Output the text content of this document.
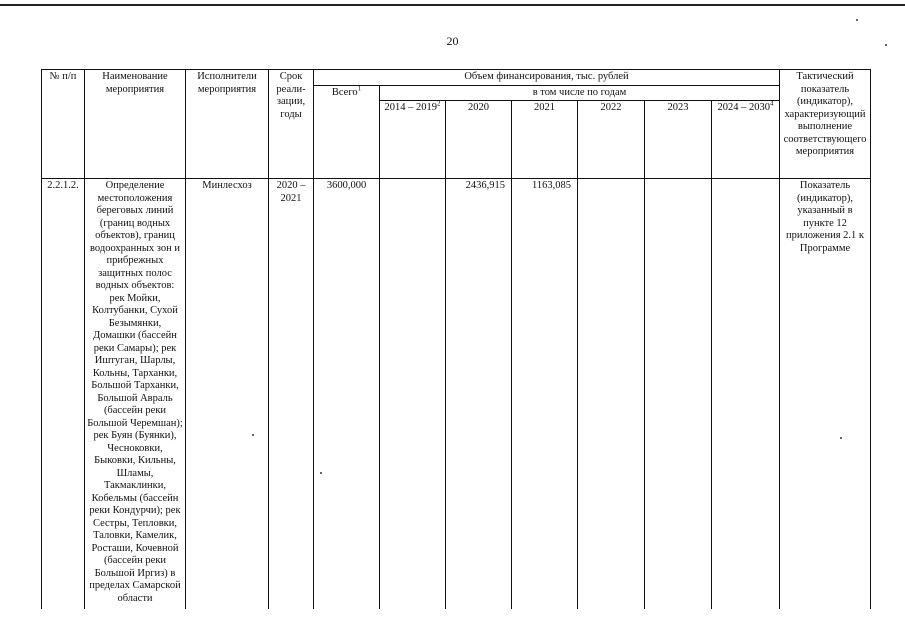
20
№ п/п	Наименование мероприятия	Исполнители мероприятия	Срок реали-зации, годы	Объем финансирования, тыс. рублей							Тактический показатель (индикатор), характеризующий выполнение соответствующего мероприятия
				Всего$^1$	в том числе по годам						
					2014 – 2019$^2$	2020	2021	2022	2023	2024 – 2030$^4$
2.2.1.2.	Определение местоположения береговых линий (границ водных объектов), границ водоохранных зон и прибрежных защитных полос водных объектов: рек Мойки, Колтубанки, Сухой Безымянки, Домашки (бассейн реки Самары); рек Иштуган, Шарлы, Кольны, Тарханки, Большой Тарханки, Большой Авраль (бассейн реки Большой Черемшан); рек Буян (Буянки), Чесноковки, Быковки, Кильны, Шламы, Такмаклинки, Кобельмы (бассейн реки Кондурчи); рек Сестры, Тепловки, Таловки, Камелик, Росташи, Кочевной (бассейн реки Большой Иргиз) в пределах Самарской области	Минлесхоз	2020 – 2021	3600,000		2436,915	1163,085				Показатель (индикатор), указанный в пункте 12 приложения 2.1 к Программе
